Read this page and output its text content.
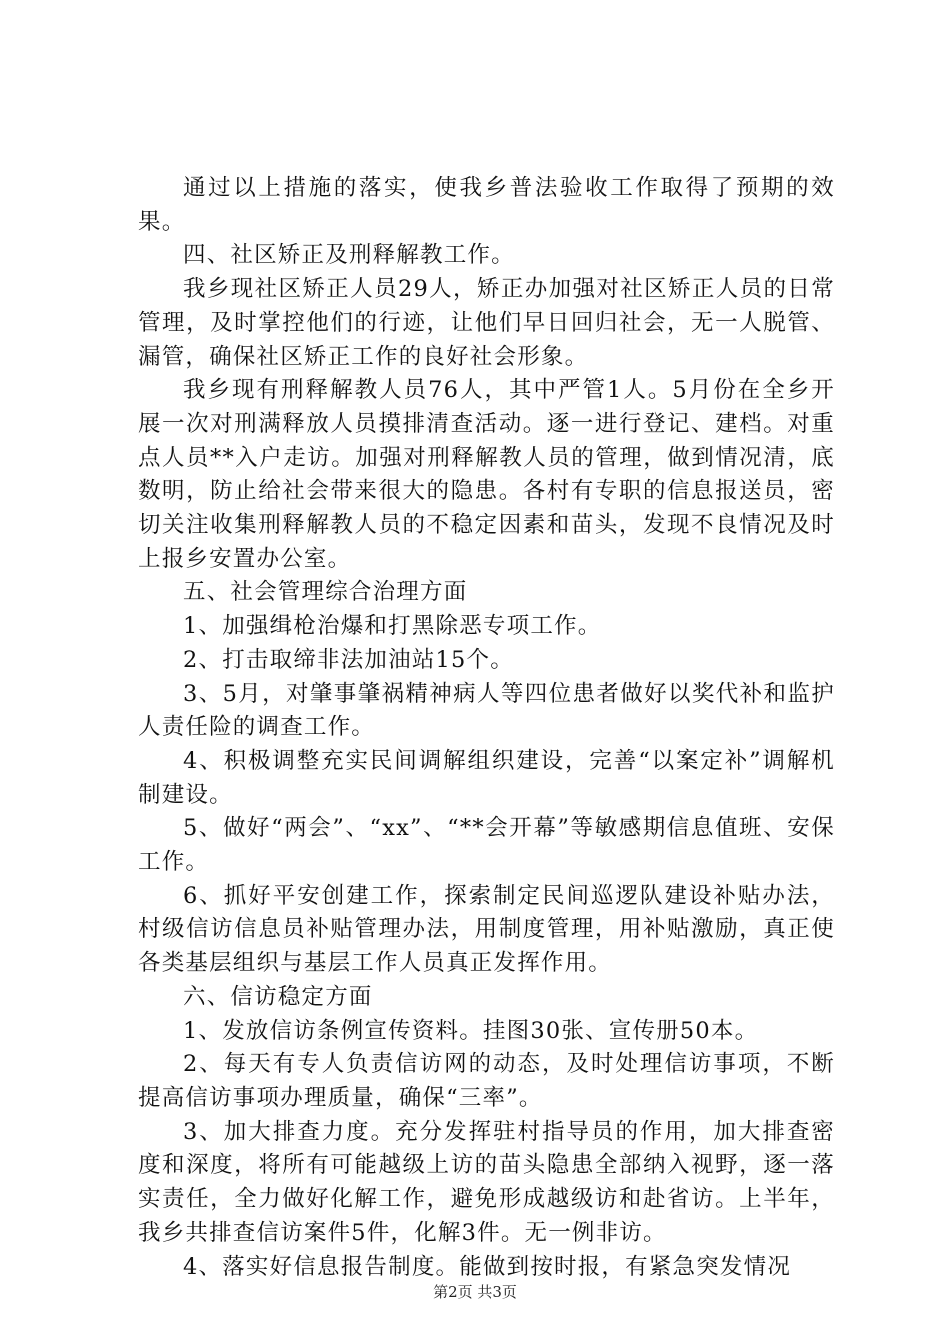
通过以上措施的落实，使我乡普法验收工作取得了预期的效果。

四、社区矫正及刑释解教工作。

我乡现社区矫正人员29人，矫正办加强对社区矫正人员的日常管理，及时掌控他们的行迹，让他们早日回归社会，无一人脱管、漏管，确保社区矫正工作的良好社会形象。

我乡现有刑释解教人员76人，其中严管1人。5月份在全乡开展一次对刑满释放人员摸排清查活动。逐一进行登记、建档。对重点人员**入户走访。加强对刑释解教人员的管理，做到情况清，底数明，防止给社会带来很大的隐患。各村有专职的信息报送员，密切关注收集刑释解教人员的不稳定因素和苗头，发现不良情况及时上报乡安置办公室。

五、社会管理综合治理方面

1、加强缉枪治爆和打黑除恶专项工作。

2、打击取缔非法加油站15个。

3、5月，对肇事肇祸精神病人等四位患者做好以奖代补和监护人责任险的调查工作。

4、积极调整充实民间调解组织建设，完善“以案定补”调解机制建设。

5、做好“两会”、“xx”、“**会开幕”等敏感期信息值班、安保工作。

6、抓好平安创建工作，探索制定民间巡逻队建设补贴办法，村级信访信息员补贴管理办法，用制度管理，用补贴激励，真正使各类基层组织与基层工作人员真正发挥作用。

六、信访稳定方面

1、发放信访条例宣传资料。挂图30张、宣传册50本。

2、每天有专人负责信访网的动态，及时处理信访事项，不断提高信访事项办理质量，确保“三率”。

3、加大排查力度。充分发挥驻村指导员的作用，加大排查密度和深度，将所有可能越级上访的苗头隐患全部纳入视野，逐一落实责任，全力做好化解工作，避免形成越级访和赴省访。上半年，我乡共排查信访案件5件，化解3件。无一例非访。

4、落实好信息报告制度。能做到按时报，有紧急突发情况

第2页 共3页
